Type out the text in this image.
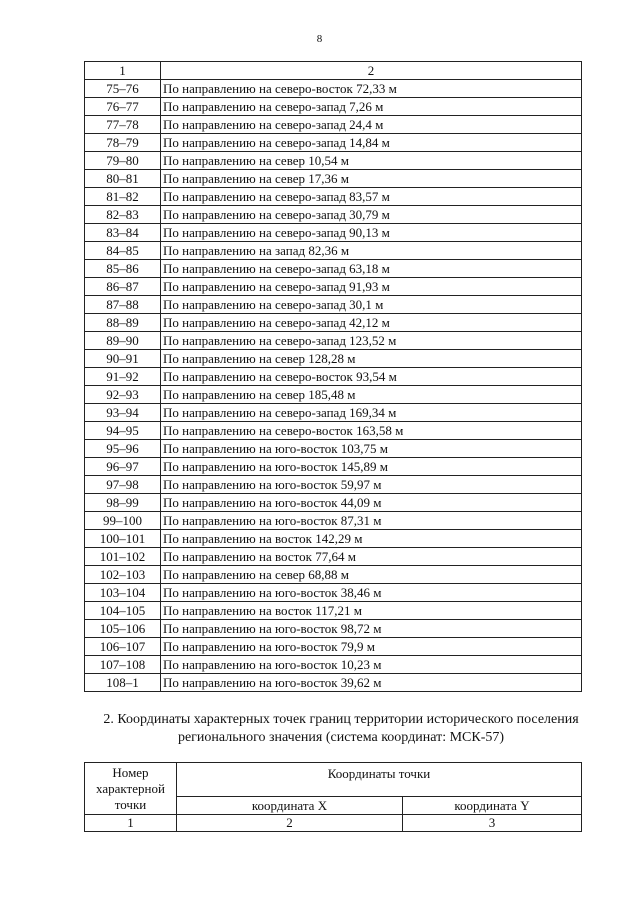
8
1	2
75–76	По направлению на северо-восток 72,33 м
76–77	По направлению на северо-запад 7,26 м
77–78	По направлению на северо-запад 24,4 м
78–79	По направлению на северо-запад 14,84 м
79–80	По направлению на север 10,54 м
80–81	По направлению на север 17,36 м
81–82	По направлению на северо-запад 83,57 м
82–83	По направлению на северо-запад 30,79 м
83–84	По направлению на северо-запад 90,13 м
84–85	По направлению на запад 82,36 м
85–86	По направлению на северо-запад 63,18 м
86–87	По направлению на северо-запад 91,93 м
87–88	По направлению на северо-запад 30,1 м
88–89	По направлению на северо-запад 42,12 м
89–90	По направлению на северо-запад 123,52 м
90–91	По направлению на север 128,28 м
91–92	По направлению на северо-восток 93,54 м
92–93	По направлению на север 185,48 м
93–94	По направлению на северо-запад 169,34 м
94–95	По направлению на северо-восток 163,58 м
95–96	По направлению на юго-восток 103,75 м
96–97	По направлению на юго-восток 145,89 м
97–98	По направлению на юго-восток 59,97 м
98–99	По направлению на юго-восток 44,09 м
99–100	По направлению на юго-восток 87,31 м
100–101	По направлению на восток 142,29 м
101–102	По направлению на восток 77,64 м
102–103	По направлению на север 68,88 м
103–104	По направлению на юго-восток 38,46 м
104–105	По направлению на восток 117,21 м
105–106	По направлению на юго-восток 98,72 м
106–107	По направлению на юго-восток 79,9 м
107–108	По направлению на юго-восток 10,23 м
108–1	По направлению на юго-восток 39,62 м
2. Координаты характерных точек границ территории исторического поселения
регионального значения (система координат: МСК-57)
Номер
характерной
точки	Координаты точки	
	координата X	координата Y
1	2	3
